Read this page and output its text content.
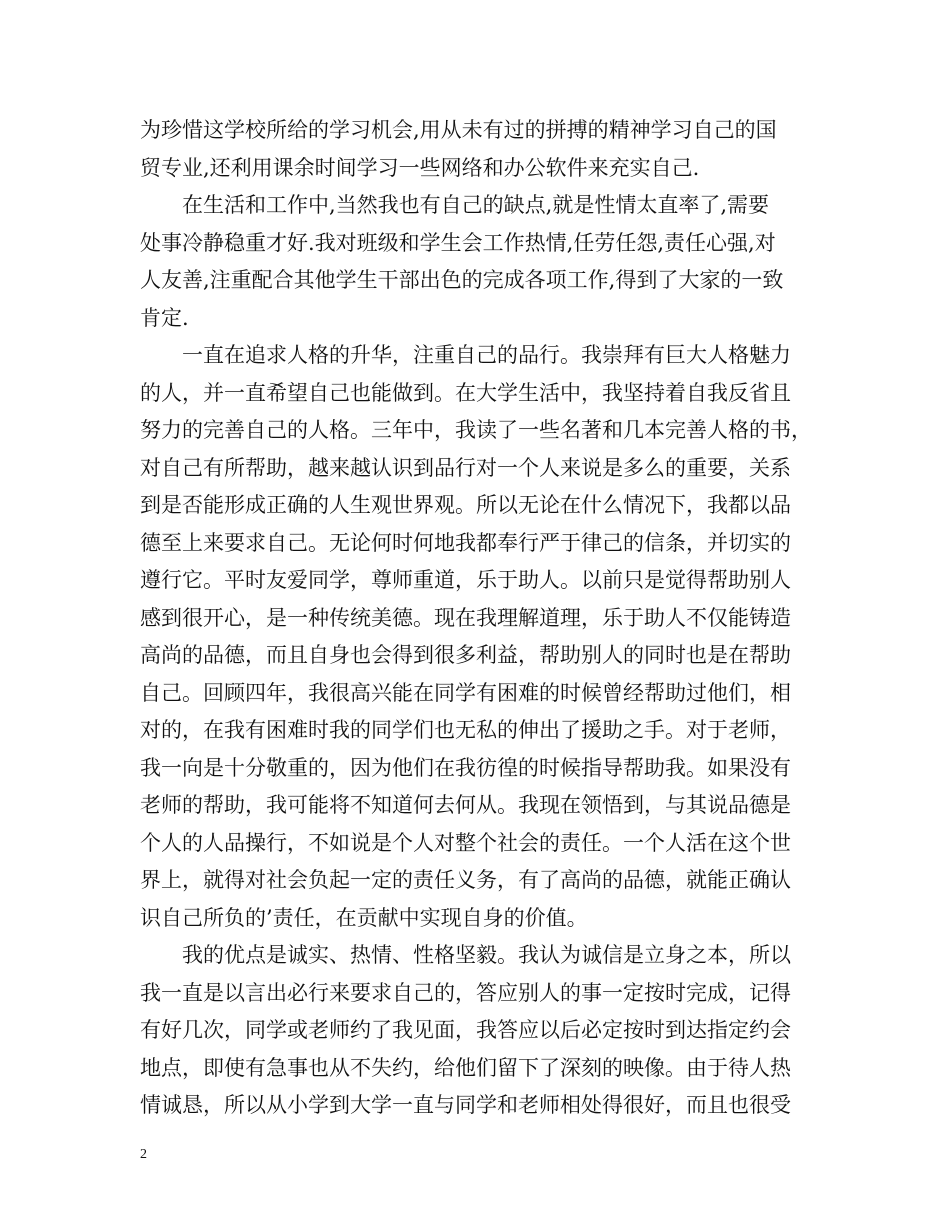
为珍惜这学校所给的学习机会,用从未有过的拼搏的精神学习自己的国
贸专业,还利用课余时间学习一些网络和办公软件来充实自己.
在生活和工作中,当然我也有自己的缺点,就是性情太直率了,需要
处事冷静稳重才好.我对班级和学生会工作热情,任劳任怨,责任心强,对
人友善,注重配合其他学生干部出色的完成各项工作,得到了大家的一致
肯定.
一直在追求人格的升华，注重自己的品行。我崇拜有巨大人格魅力
的人，并一直希望自己也能做到。在大学生活中，我坚持着自我反省且
努力的完善自己的人格。三年中，我读了一些名著和几本完善人格的书，
对自己有所帮助，越来越认识到品行对一个人来说是多么的重要，关系
到是否能形成正确的人生观世界观。所以无论在什么情况下，我都以品
德至上来要求自己。无论何时何地我都奉行严于律己的信条，并切实的
遵行它。平时友爱同学，尊师重道，乐于助人。以前只是觉得帮助别人
感到很开心，是一种传统美德。现在我理解道理，乐于助人不仅能铸造
高尚的品德，而且自身也会得到很多利益，帮助别人的同时也是在帮助
自己。回顾四年，我很高兴能在同学有困难的时候曾经帮助过他们，相
对的，在我有困难时我的同学们也无私的伸出了援助之手。对于老师，
我一向是十分敬重的，因为他们在我彷徨的时候指导帮助我。如果没有
老师的帮助，我可能将不知道何去何从。我现在领悟到，与其说品德是
个人的人品操行，不如说是个人对整个社会的责任。一个人活在这个世
界上，就得对社会负起一定的责任义务，有了高尚的品德，就能正确认
识自己所负的’责任，在贡献中实现自身的价值。
我的优点是诚实、热情、性格坚毅。我认为诚信是立身之本，所以
我一直是以言出必行来要求自己的，答应别人的事一定按时完成，记得
有好几次，同学或老师约了我见面，我答应以后必定按时到达指定约会
地点，即使有急事也从不失约，给他们留下了深刻的映像。由于待人热
情诚恳，所以从小学到大学一直与同学和老师相处得很好，而且也很受
2
